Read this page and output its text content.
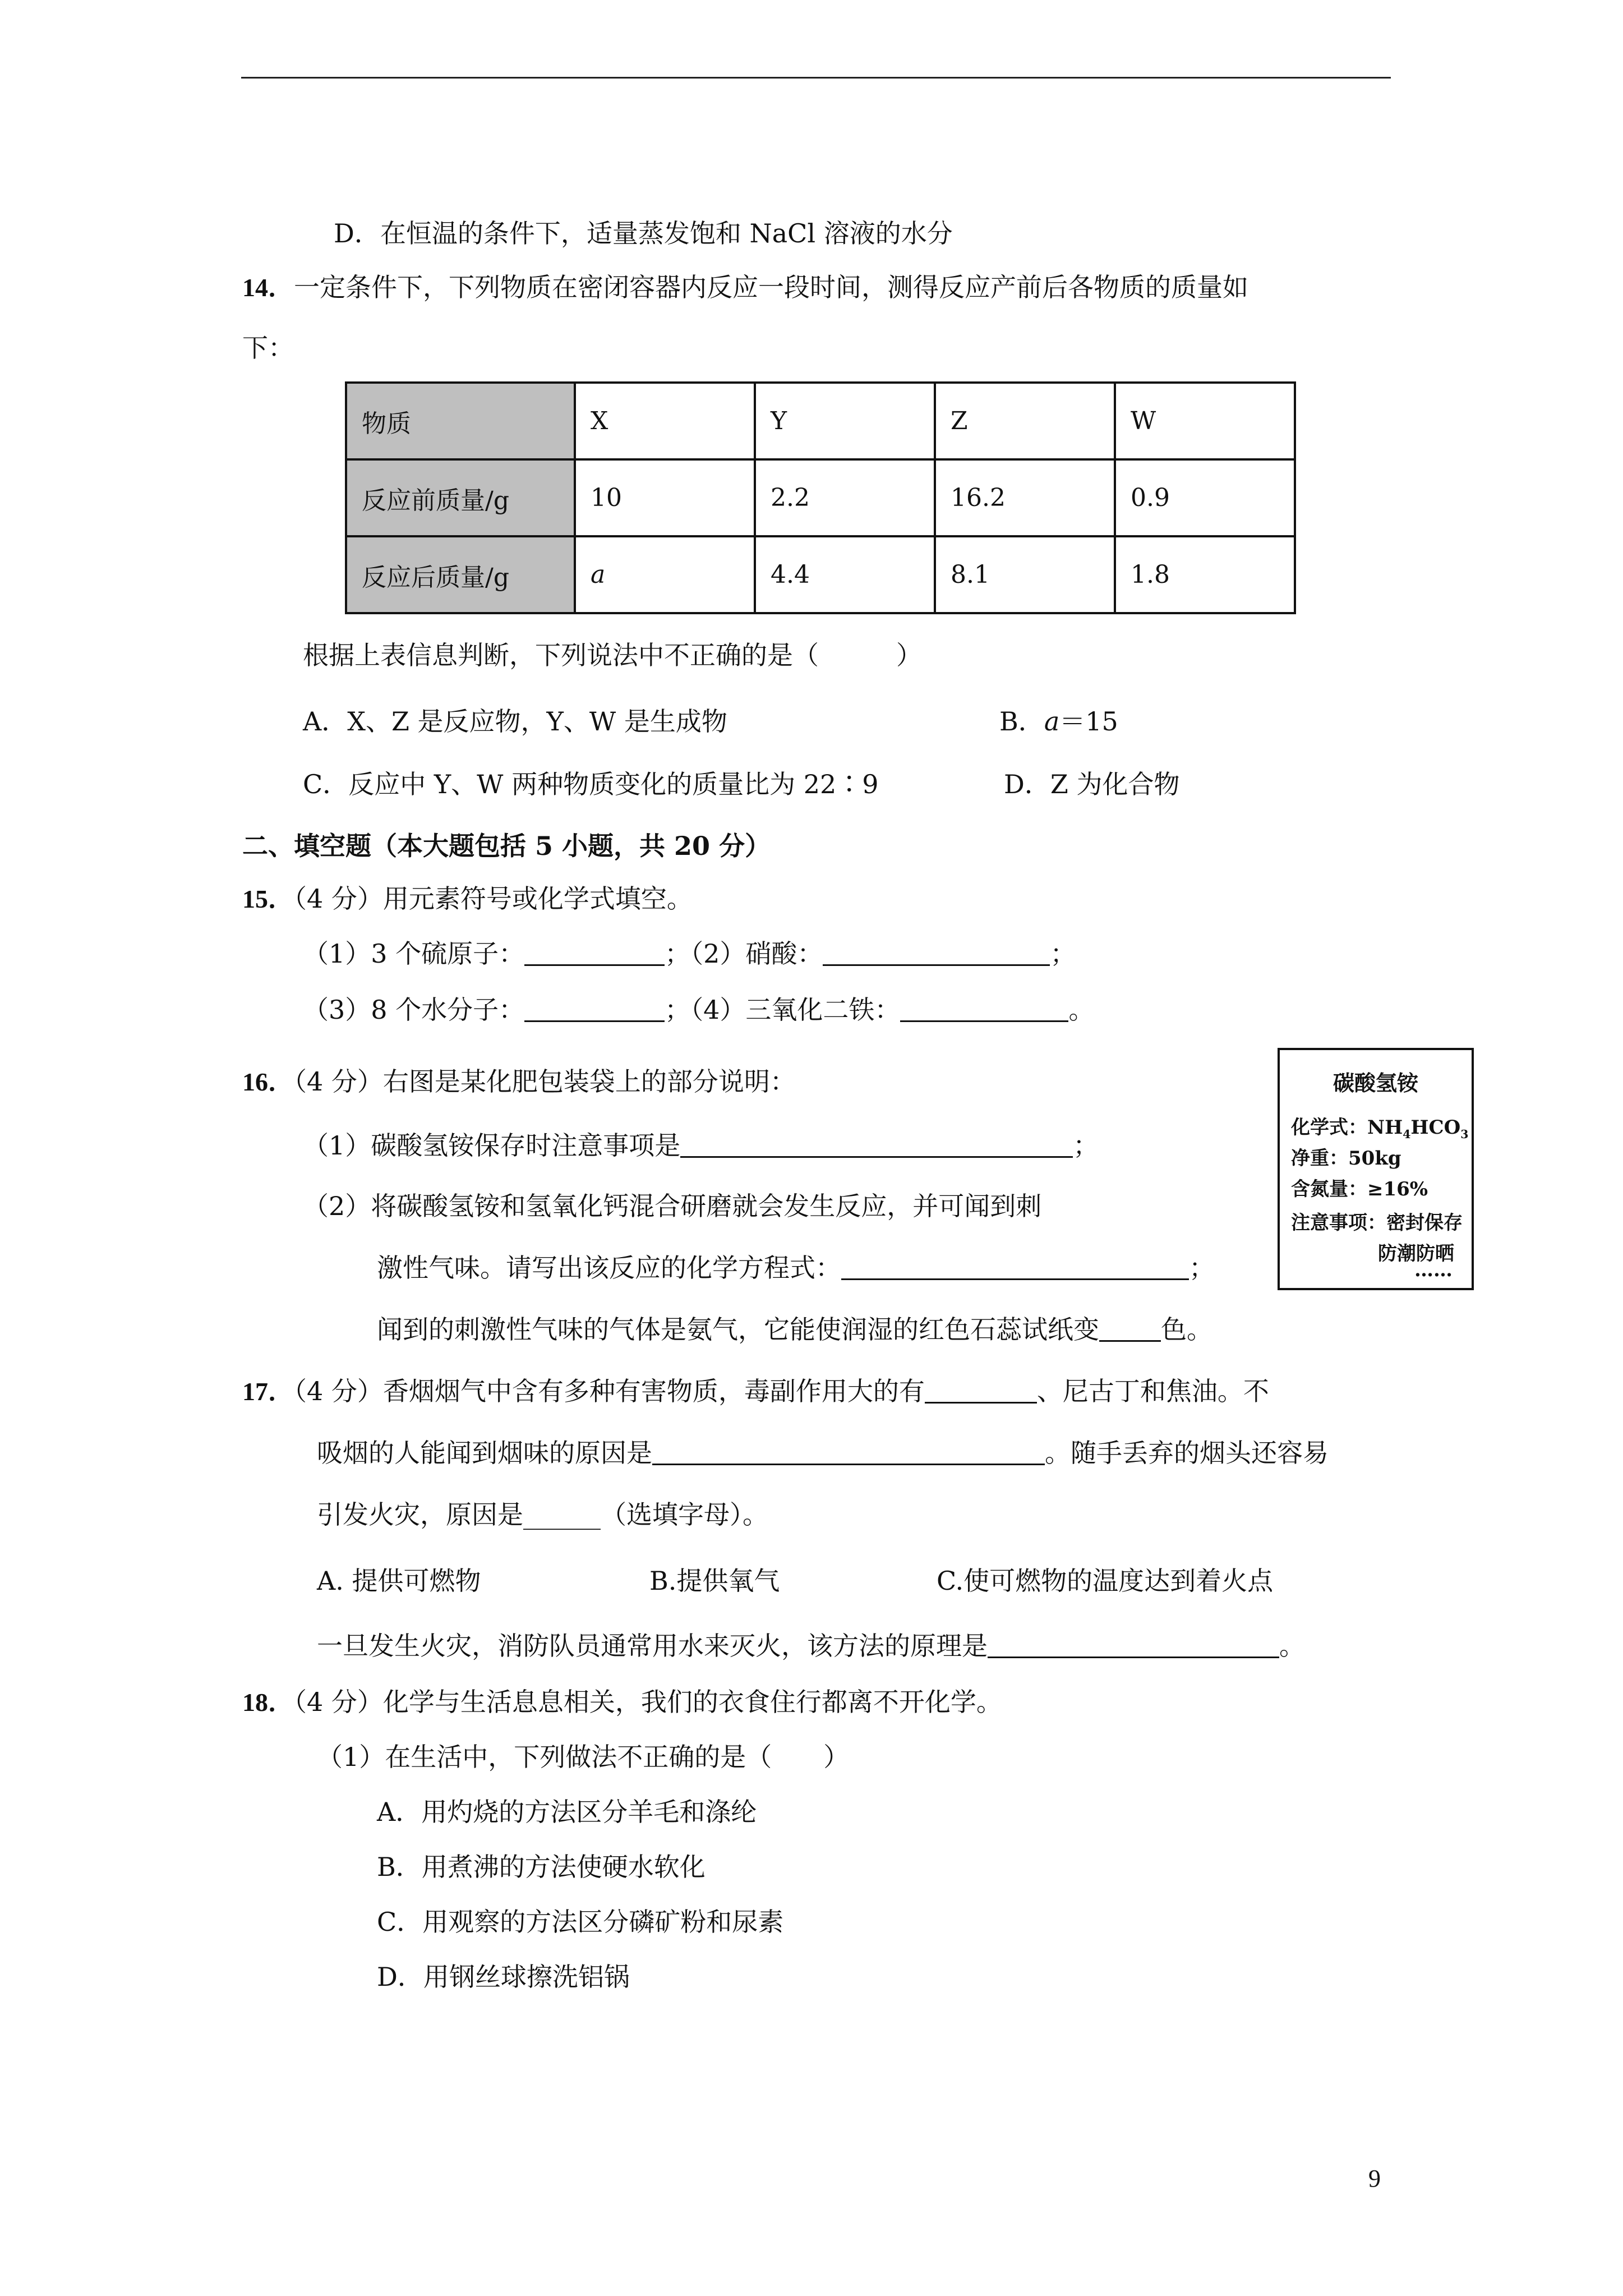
D．在恒温的条件下，适量蒸发饱和 NaCl 溶液的水分
14．一定条件下，下列物质在密闭容器内反应一段时间，测得反应产前后各物质的质量如
下：
物质	X	Y	Z	W
反应前质量/g	10	2.2	16.2	0.9
反应后质量/g	a	4.4	8.1	1.8
根据上表信息判断，下列说法中不正确的是（　　　）
A．X、Z 是反应物，Y、W 是生成物	B．a＝15
C．反应中 Y、W 两种物质变化的质量比为 22∶9	D．Z 为化合物
二、填空题（本大题包括 5 小题，共 20 分）
15．（4 分）用元素符号或化学式填空。
（1）3 个硫原子：	；（2）硝酸：	；
（3）8 个水分子：	；（4）三氧化二铁：	。
16．（4 分）右图是某化肥包装袋上的部分说明：
（1）碳酸氢铵保存时注意事项是	；
（2）将碳酸氢铵和氢氧化钙混合研磨就会发生反应，并可闻到刺
激性气味。请写出该反应的化学方程式：	；
闻到的刺激性气味的气体是氨气，它能使润湿的红色石蕊试纸变 色。
碳酸氢铵
化学式：$NH_4HCO_3$
净重：50kg
含氮量：≥16%
注意事项：密封保存
防潮防晒
……
17．（4 分）香烟烟气中含有多种有害物质，毒副作用大的有	、尼古丁和焦油。不
吸烟的人能闻到烟味的原因是	。随手丢弃的烟头还容易
引发火灾，原因是______（选填字母）。
A. 提供可燃物	B.提供氧气	C.使可燃物的温度达到着火点
一旦发生火灾，消防队员通常用水来灭火，该方法的原理是	。
18．（4 分）化学与生活息息相关，我们的衣食住行都离不开化学。
（1）在生活中，下列做法不正确的是（　　）
A．用灼烧的方法区分羊毛和涤纶
B．用煮沸的方法使硬水软化
C．用观察的方法区分磷矿粉和尿素
D．用钢丝球擦洗铝锅
9
